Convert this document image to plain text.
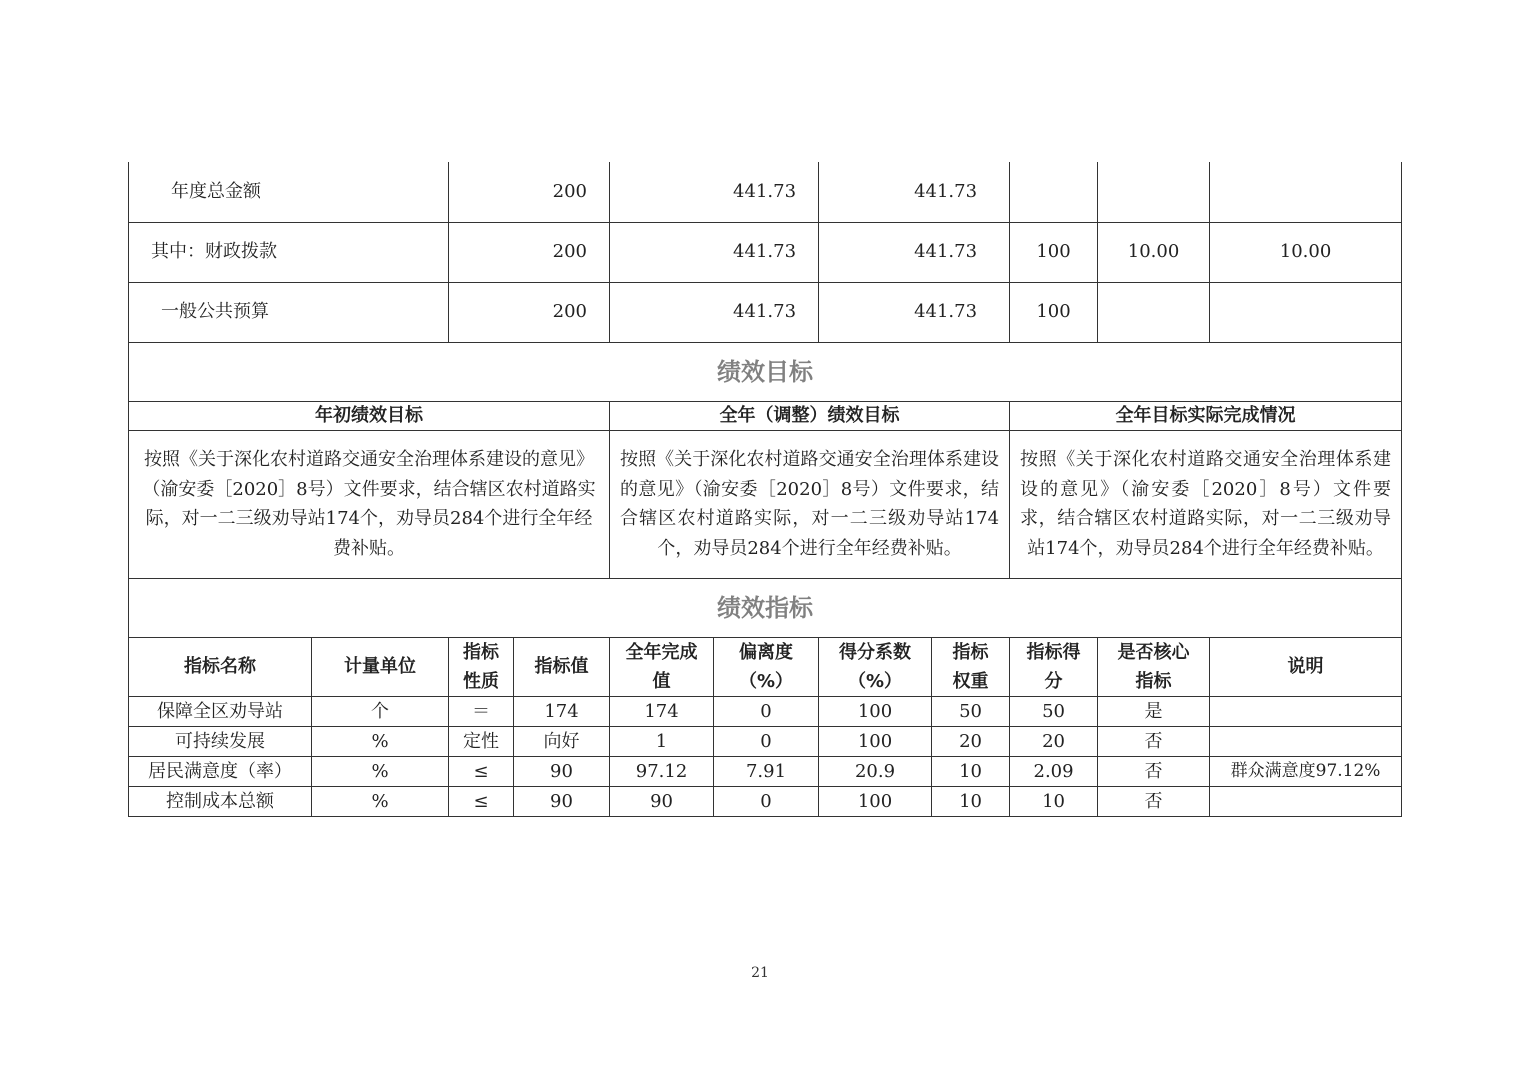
年度总金额		200		441.73		441.73				
其中：财政拨款		200		441.73		441.73		100	10.00	10.00
一般公共预算		200		441.73		441.73		100		
绩效目标										
年初绩效目标				全年（调整）绩效目标				全年目标实际完成情况		
按照《关于深化农村道路交通安全治理体系建设的意见》（渝安委［2020］8号）文件要求，结合辖区农村道路实际，对一二三级劝导站174个，劝导员284个进行全年经费补贴。				按照《关于深化农村道路交通安全治理体系建设的意见》（渝安委［2020］8号）文件要求，结合辖区农村道路实际，对一二三级劝导站174个，劝导员284个进行全年经费补贴。				按照《关于深化农村道路交通安全治理体系建设的意见》（渝安委［2020］8号）文件要求，结合辖区农村道路实际，对一二三级劝导站174个，劝导员284个进行全年经费补贴。		
绩效指标										
指标名称	计量单位	指标性质	指标值	全年完成值	偏离度（%）	得分系数（%）	指标权重	指标得分	是否核心指标	说明
保障全区劝导站	个	＝	174	174	0	100	50	50	是	
可持续发展	%	定性	向好	1	0	100	20	20	否	
居民满意度（率）	%	≤	90	97.12	7.91	20.9	10	2.09	否	群众满意度97.12%
控制成本总额	%	≤	90	90	0	100	10	10	否	
21
